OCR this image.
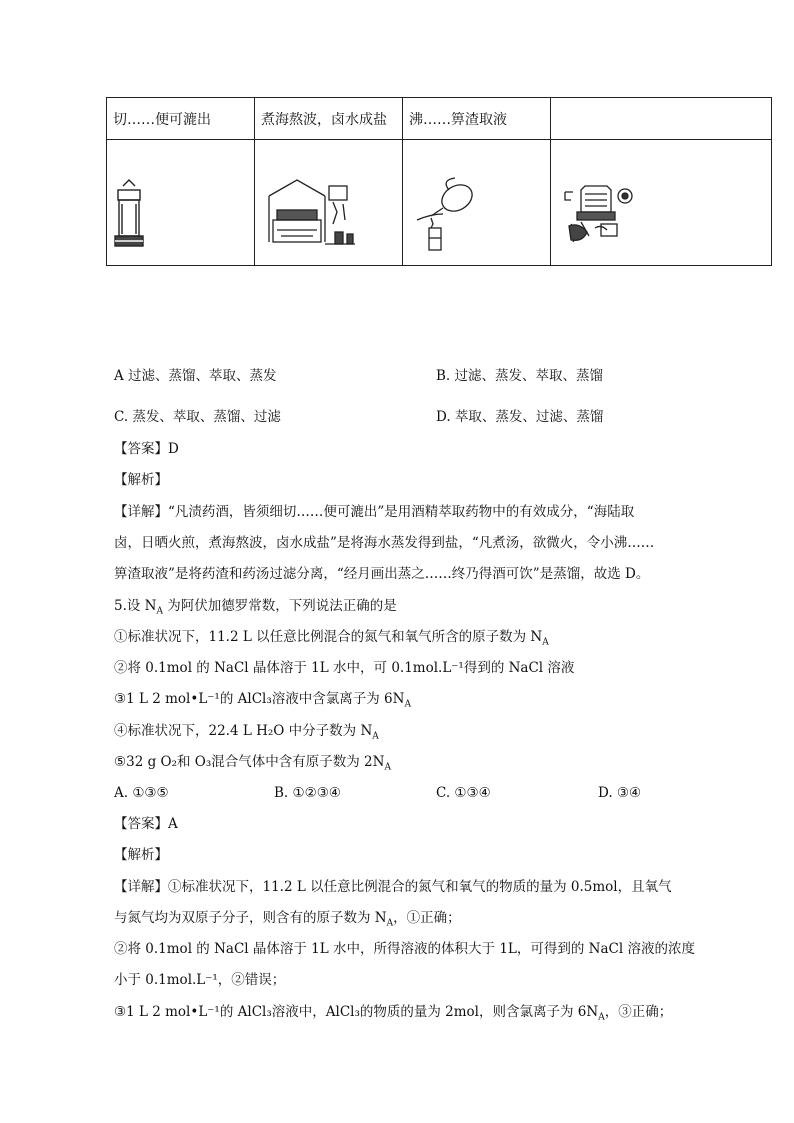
切……便可漉出	煮海熬波，卤水成盐	沸……箅渣取液	

A 过滤、蒸馏、萃取、蒸发	B. 过滤、蒸发、萃取、蒸馏
C. 蒸发、萃取、蒸馏、过滤	D. 萃取、蒸发、过滤、蒸馏
【答案】D
【解析】
【详解】“凡渍药酒，皆须细切……便可漉出”是用酒精萃取药物中的有效成分，“海陆取
卤，日晒火煎，煮海熬波，卤水成盐”是将海水蒸发得到盐，“凡煮汤，欲微火，令小沸……
箅渣取液”是将药渣和药汤过滤分离，“经月画出蒸之……终乃得酒可饮”是蒸馏，故选 D。
5.设 $N_A$ 为阿伏加德罗常数，下列说法正确的是
①标准状况下，11.2 L 以任意比例混合的氮气和氧气所含的原子数为 $N_A$
②将 0.1mol 的 NaCl 晶体溶于 1L 水中，可 0.1mol.L⁻¹得到的 NaCl 溶液
③1 L 2 mol•L⁻¹的 AlCl₃溶液中含氯离子为 $6N_A$
④标准状况下，22.4 L H₂O 中分子数为 $N_A$
⑤32 g O₂和 O₃混合气体中含有原子数为 $2N_A$
A. ①③⑤	B. ①②③④	C. ①③④	D. ③④
【答案】A
【解析】
【详解】①标准状况下，11.2 L 以任意比例混合的氮气和氧气的物质的量为 0.5mol，且氧气
与氮气均为双原子分子，则含有的原子数为 $N_A$，①正确；
②将 0.1mol 的 NaCl 晶体溶于 1L 水中，所得溶液的体积大于 1L，可得到的 NaCl 溶液的浓度
小于 0.1mol.L⁻¹，②错误；
③1 L 2 mol•L⁻¹的 AlCl₃溶液中，AlCl₃的物质的量为 2mol，则含氯离子为 $6N_A$，③正确；
